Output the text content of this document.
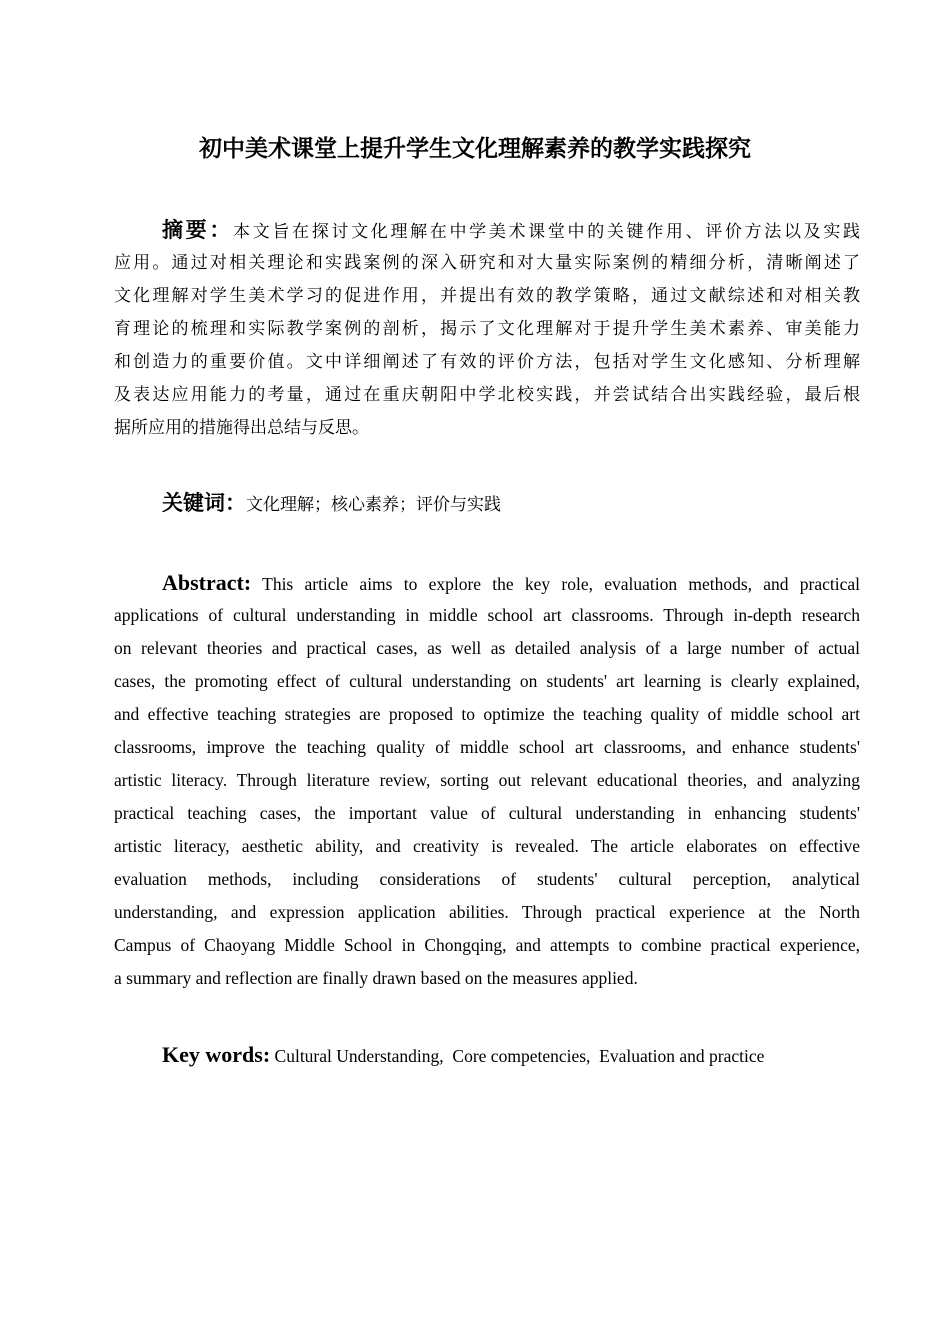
初中美术课堂上提升学生文化理解素养的教学实践探究
摘要：本文旨在探讨文化理解在中学美术课堂中的关键作用、评价方法以及实践
应用。通过对相关理论和实践案例的深入研究和对大量实际案例的精细分析，清晰阐述了
文化理解对学生美术学习的促进作用，并提出有效的教学策略，通过文献综述和对相关教
育理论的梳理和实际教学案例的剖析，揭示了文化理解对于提升学生美术素养、审美能力
和创造力的重要价值。文中详细阐述了有效的评价方法，包括对学生文化感知、分析理解
及表达应用能力的考量，通过在重庆朝阳中学北校实践，并尝试结合出实践经验，最后根
据所应用的措施得出总结与反思。
关键词：文化理解；核心素养；评价与实践
Abstract: This article aims to explore the key role, evaluation methods, and practical
applications of cultural understanding in middle school art classrooms. Through in-depth research
on relevant theories and practical cases, as well as detailed analysis of a large number of actual
cases, the promoting effect of cultural understanding on students' art learning is clearly explained,
and effective teaching strategies are proposed to optimize the teaching quality of middle school art
classrooms, improve the teaching quality of middle school art classrooms, and enhance students'
artistic literacy. Through literature review, sorting out relevant educational theories, and analyzing
practical teaching cases, the important value of cultural understanding in enhancing students'
artistic literacy, aesthetic ability, and creativity is revealed. The article elaborates on effective
evaluation methods, including considerations of students' cultural perception, analytical
understanding, and expression application abilities. Through practical experience at the North
Campus of Chaoyang Middle School in Chongqing, and attempts to combine practical experience,
a summary and reflection are finally drawn based on the measures applied.
Key words: Cultural Understanding,  Core competencies,  Evaluation and practice
